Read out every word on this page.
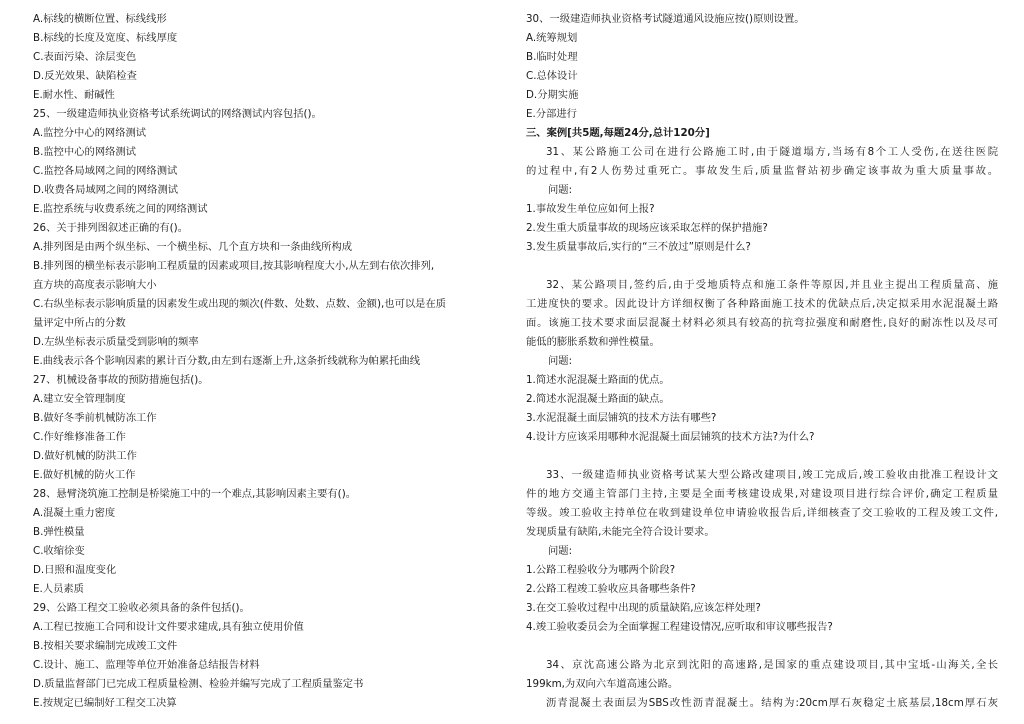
A.标线的横断位置、标线线形
B.标线的长度及宽度、标线厚度
C.表面污染、涂层变色
D.反光效果、缺陷检查
E.耐水性、耐碱性
25、一级建造师执业资格考试系统调试的网络测试内容包括()。
A.监控分中心的网络测试
B.监控中心的网络测试
C.监控各局域网之间的网络测试
D.收费各局域网之间的网络测试
E.监控系统与收费系统之间的网络测试
26、关于排列图叙述正确的有()。
A.排列图是由两个纵坐标、一个横坐标、几个直方块和一条曲线所构成
B.排列图的横坐标表示影响工程质量的因素或项目,按其影响程度大小,从左到右依次排列,
直方块的高度表示影响大小
C.右纵坐标表示影响质量的因素发生或出现的频次(件数、处数、点数、金额),也可以是在质
量评定中所占的分数
D.左纵坐标表示质量受到影响的频率
E.曲线表示各个影响因素的累计百分数,由左到右逐渐上升,这条折线就称为帕累托曲线
27、机械设备事故的预防措施包括()。
A.建立安全管理制度
B.做好冬季前机械防冻工作
C.作好维修准备工作
D.做好机械的防洪工作
E.做好机械的防火工作
28、悬臂浇筑施工控制是桥梁施工中的一个难点,其影响因素主要有()。
A.混凝土重力密度
B.弹性模量
C.收缩徐变
D.日照和温度变化
E.人员素质
29、公路工程交工验收必须具备的条件包括()。
A.工程已按施工合同和设计文件要求建成,具有独立使用价值
B.按相关要求编制完成竣工文件
C.设计、施工、监理等单位开始准备总结报告材料
D.质量监督部门已完成工程质量检测、检验并编写完成了工程质量鉴定书
E.按规定已编制好工程交工决算
30、一级建造师执业资格考试隧道通风设施应按()原则设置。
A.统筹规划
B.临时处理
C.总体设计
D.分期实施
E.分部进行
三、案例[共5题,每题24分,总计120分]
31、某公路施工公司在进行公路施工时,由于隧道塌方,当场有8个工人受伤,在送往医院
的过程中,有2人伤势过重死亡。事故发生后,质量监督站初步确定该事故为重大质量事故。
问题:
1.事故发生单位应如何上报?
2.发生重大质量事故的现场应该采取怎样的保护措施?
3.发生质量事故后,实行的“三不放过”原则是什么?
32、某公路项目,签约后,由于受地质特点和施工条件等原因,并且业主提出工程质量高、施
工进度快的要求。因此设计方详细权衡了各种路面施工技术的优缺点后,决定拟采用水泥混凝土路
面。该施工技术要求面层混凝土材料必须具有较高的抗弯拉强度和耐磨性,良好的耐冻性以及尽可
能低的膨胀系数和弹性模量。
问题:
1.简述水泥混凝土路面的优点。
2.简述水泥混凝土路面的缺点。
3.水泥混凝土面层铺筑的技术方法有哪些?
4.设计方应该采用哪种水泥混凝土面层铺筑的技术方法?为什么?
33、一级建造师执业资格考试某大型公路改建项目,竣工完成后,竣工验收由批准工程设计文
件的地方交通主管部门主持,主要是全面考核建设成果,对建设项目进行综合评价,确定工程质量
等级。竣工验收主持单位在收到建设单位申请验收报告后,详细核查了交工验收的工程及竣工文件,
发现质量有缺陷,未能完全符合设计要求。
问题:
1.公路工程验收分为哪两个阶段?
2.公路工程竣工验收应具备哪些条件?
3.在交工验收过程中出现的质量缺陷,应该怎样处理?
4.竣工验收委员会为全面掌握工程建设情况,应听取和审议哪些报告?
34、京沈高速公路为北京到沈阳的高速路,是国家的重点建设项目,其中宝坻-山海关,全长
199km,为双向六车道高速公路。
沥青混凝土表面层为SBS改性沥青混凝土。结构为:20cm厚石灰稳定土底基层,18cm厚石灰
